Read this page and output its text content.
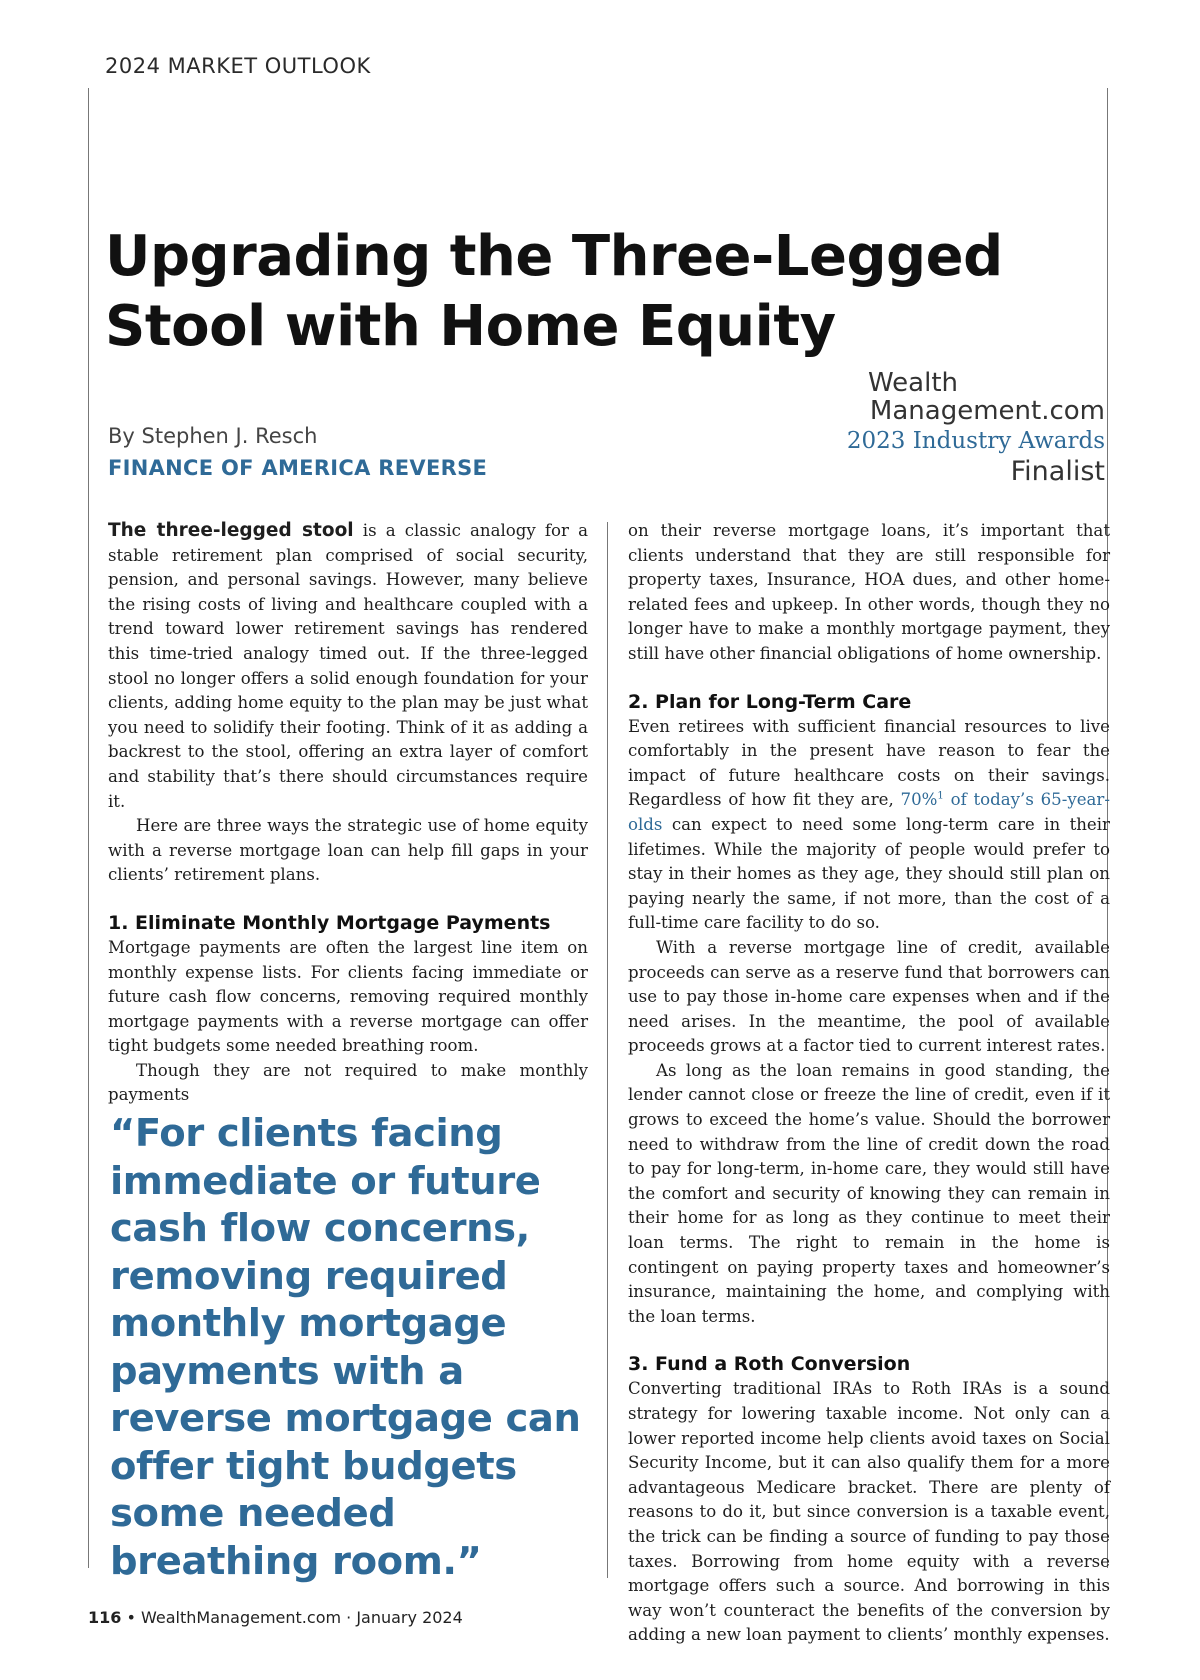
2024 MARKET OUTLOOK
Upgrading the Three-Legged Stool with Home Equity
By Stephen J. Resch
FINANCE OF AMERICA REVERSE
Wealth
Management.com
2023 Industry Awards
Finalist

The three-legged stool is a classic analogy for a stable retirement plan comprised of social security, pension, and personal savings. However, many believe the rising costs of living and healthcare coupled with a trend toward lower retirement savings has rendered this time-tried analogy timed out. If the three-legged stool no longer offers a solid enough foundation for your clients, adding home equity to the plan may be just what you need to solidify their footing. Think of it as adding a backrest to the stool, offering an extra layer of comfort and stability that’s there should circumstances require it.

Here are three ways the strategic use of home equity with a reverse mortgage loan can help fill gaps in your clients’ retirement plans.

1. Eliminate Monthly Mortgage Payments

Mortgage payments are often the largest line item on monthly expense lists. For clients facing immediate or future cash flow concerns, removing required monthly mortgage payments with a reverse mortgage can offer tight budgets some needed breathing room.

Though they are not required to make monthly payments

“For clients facing immediate or future cash flow concerns, removing required monthly mortgage payments with a reverse mortgage can offer tight budgets some needed breathing room.”

on their reverse mortgage loans, it’s important that clients understand that they are still responsible for property taxes, Insurance, HOA dues, and other home-related fees and upkeep. In other words, though they no longer have to make a monthly mortgage payment, they still have other financial obligations of home ownership.

2. Plan for Long-Term Care

Even retirees with sufficient financial resources to live comfortably in the present have reason to fear the impact of future healthcare costs on their savings. Regardless of how fit they are, 70%$^1$ of today’s 65-year-olds can expect to need some long-term care in their lifetimes. While the majority of people would prefer to stay in their homes as they age, they should still plan on paying nearly the same, if not more, than the cost of a full-time care facility to do so.

With a reverse mortgage line of credit, available proceeds can serve as a reserve fund that borrowers can use to pay those in-home care expenses when and if the need arises. In the meantime, the pool of available proceeds grows at a factor tied to current interest rates.

As long as the loan remains in good standing, the lender cannot close or freeze the line of credit, even if it grows to exceed the home’s value. Should the borrower need to withdraw from the line of credit down the road to pay for long-term, in-home care, they would still have the comfort and security of knowing they can remain in their home for as long as they continue to meet their loan terms. The right to remain in the home is contingent on paying property taxes and homeowner’s insurance, maintaining the home, and complying with the loan terms.

3. Fund a Roth Conversion

Converting traditional IRAs to Roth IRAs is a sound strategy for lowering taxable income. Not only can a lower reported income help clients avoid taxes on Social Security Income, but it can also qualify them for a more advantageous Medicare bracket. There are plenty of reasons to do it, but since conversion is a taxable event, the trick can be finding a source of funding to pay those taxes. Borrowing from home equity with a reverse mortgage offers such a source. And borrowing in this way won’t counteract the benefits of the conversion by adding a new loan payment to clients’ monthly expenses.

116 • WealthManagement.com · January 2024
